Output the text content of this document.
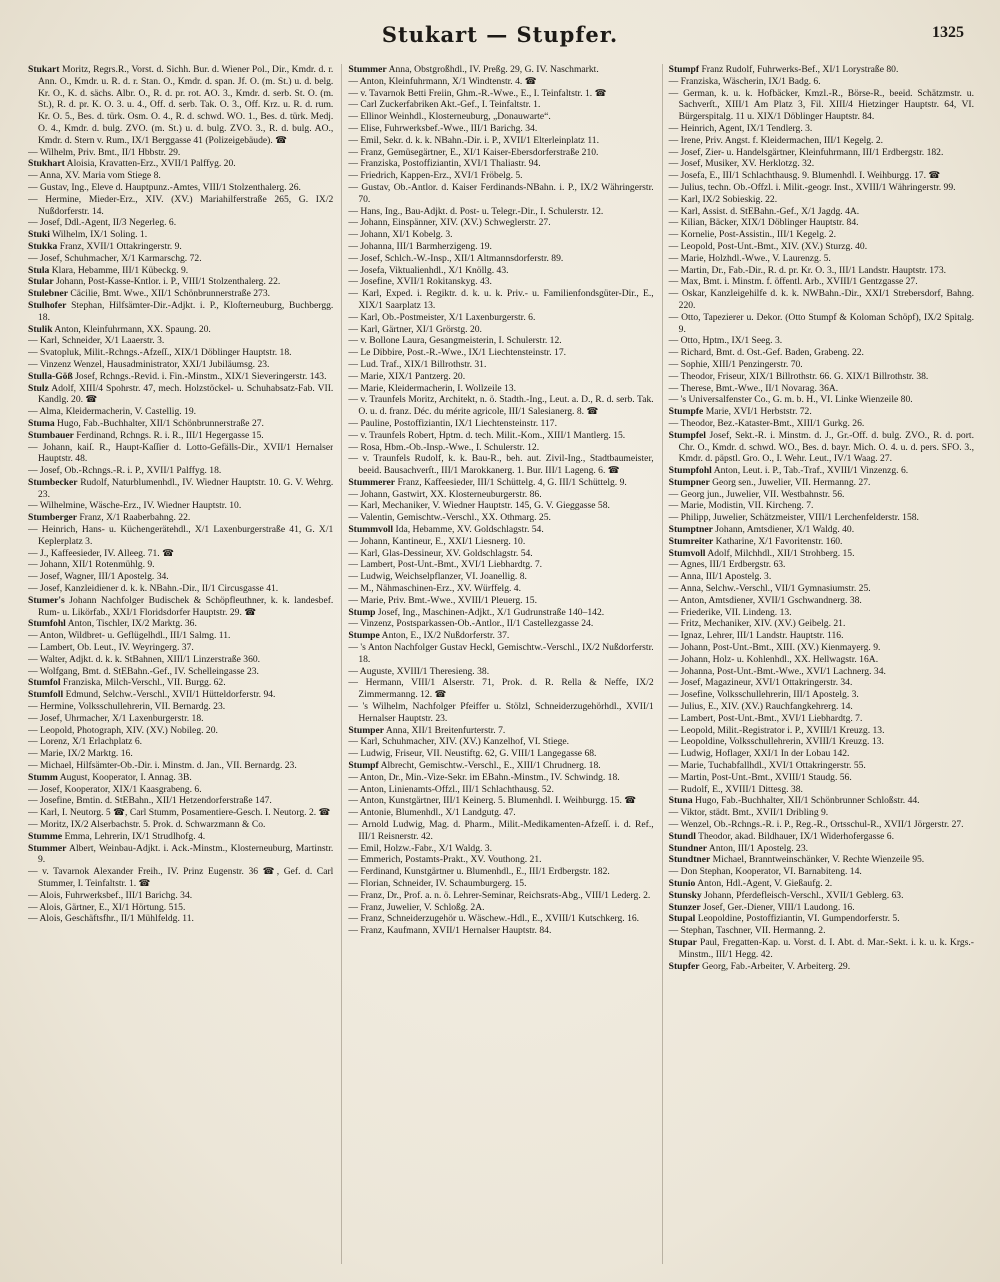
Stukart — Stupfer.	1325

Stukart Moritz, Regrs.R., Vorst. d. Sichh. Bur. d. Wiener Pol., Dir., Kmdr. d. r. Ann. O., Kmdr. u. R. d. r. Stan. O., Kmdr. d. span. Jf. O. (m. St.) u. d. belg. Kr. O., K. d. sächs. Albr. O., R. d. pr. rot. AO. 3., Kmdr. d. serb. St. O. (m. St.), R. d. pr. K. O. 3. u. 4., Off. d. serb. Tak. O. 3., Off. Krz. u. R. d. rum. Kr. O. 5., Bes. d. türk. Osm. O. 4., R. d. schwd. WO. 1., Bes. d. türk. Medj. O. 4., Kmdr. d. bulg. ZVO. (m. St.) u. d. bulg. ZVO. 3., R. d. bulg. AO., Kmdr. d. Stern v. Rum., IX/1 Berggasse 41 (Polizeigebäude). ☎

— Wilhelm, Priv. Bmt., II/1 Hbbstr. 29.

Stukhart Aloisia, Kravatten-Erz., XVII/1 Palffyg. 20.

— Anna, XV. Maria vom Stiege 8.

— Gustav, Ing., Eleve d. Hauptpunz.-Amtes, VIII/1 Stolzenthalerg. 26.

— Hermine, Mieder-Erz., XIV. (XV.) Mariahilferstraße 265, G. IX/2 Nußdorferstr. 14.

— Josef, Ddl.-Agent, II/3 Negerleg. 6.

Stuki Wilhelm, IX/1 Soling. 1.

Stukka Franz, XVII/1 Ottakringerstr. 9.

— Josef, Schuhmacher, X/1 Karmarschg. 72.

Stula Klara, Hebamme, III/1 Kübeckg. 9.

Stular Johann, Post-Kasse-Kntlor. i. P., VIII/1 Stolzenthalerg. 22.

Stulebner Cäcilie, Bmt. Wwe., XII/1 Schönbrunnerstraße 273.

Stulhofer Stephan, Hilfsämter-Dir.-Adjkt. i. P., Kloſterneuburg, Buchbergg. 18.

Stulik Anton, Kleinfuhrmann, XX. Spaung. 20.

— Karl, Schneider, X/1 Laaerstr. 3.

— Svatopluk, Milit.-Rchngs.-Afzeſſ., XIX/1 Döblinger Hauptstr. 18.

— Vinzenz Wenzel, Hausadministrator, XXI/1 Jubiläumsg. 23.

Stulla-Göß Josef, Rchngs.-Revid. i. Fin.-Minstm., XIX/1 Sieveringerstr. 143.

Stulz Adolf, XIII/4 Spohrstr. 47, mech. Holzstöckel- u. Schuhabsatz-Fab. VII. Kandlg. 20. ☎

— Alma, Kleidermacherin, V. Castellig. 19.

Stuma Hugo, Fab.-Buchhalter, XII/1 Schönbrunnerstraße 27.

Stumbauer Ferdinand, Rchngs. R. i. R., III/1 Hegergasse 15.

— Johann, kaiſ. R., Haupt-Kaſſier d. Lotto-Gefälls-Dir., XVII/1 Hernalser Hauptstr. 48.

— Josef, Ob.-Rchngs.-R. i. P., XVII/1 Palffyg. 18.

Stumbecker Rudolf, Naturblumenhdl., IV. Wiedner Hauptstr. 10. G. V. Wehrg. 23.

— Wilhelmine, Wäsche-Erz., IV. Wiedner Hauptstr. 10.

Stumberger Franz, X/1 Raaberbahng. 22.

— Heinrich, Hans- u. Küchengerätehdl., X/1 Laxenburgerstraße 41, G. X/1 Keplerplatz 3.

— J., Kaffeesieder, IV. Alleeg. 71. ☎

— Johann, XII/1 Rotenmühlg. 9.

— Josef, Wagner, III/1 Apostelg. 34.

— Josef, Kanzleidiener d. k. k. NBahn.-Dir., II/1 Circusgasse 41.

Stumer's Johann Nachfolger Budischek & Schöpfleuthner, k. k. landesbef. Rum- u. Likörfab., XXI/1 Floridsdorfer Hauptstr. 29. ☎

Stumfohl Anton, Tischler, IX/2 Marktg. 36.

— Anton, Wildbret- u. Geflügelhdl., III/1 Salmg. 11.

— Lambert, Ob. Leut., IV. Weyringerg. 37.

— Walter, Adjkt. d. k. k. StBahnen, XIII/1 Linzerstraße 360.

— Wolfgang, Bmt. d. StEBahn.-Gef., IV. Schelleingasse 23.

Stumfol Franziska, Milch-Verschl., VII. Burgg. 62.

Stumfoll Edmund, Selchw.-Verschl., XVII/1 Hütteldorferstr. 94.

— Hermine, Volksschullehrerin, VII. Bernardg. 23.

— Josef, Uhrmacher, X/1 Laxenburgerstr. 18.

— Leopold, Photograph, XIV. (XV.) Nobileg. 20.

— Lorenz, X/1 Erlachplatz 6.

— Marie, IX/2 Marktg. 16.

— Michael, Hilfsämter-Ob.-Dir. i. Minstm. d. Jan., VII. Bernardg. 23.

Stumm August, Kooperator, I. Annag. 3B.

— Josef, Kooperator, XIX/1 Kaasgrabeng. 6.

— Josefine, Bmtin. d. StEBahn., XII/1 Hetzendorferstraße 147.

— Karl, I. Neutorg. 5 ☎, Carl Stumm, Posamentiere-Gesch. I. Neutorg. 2. ☎

— Moritz, IX/2 Alserbachstr. 5. Prok. d. Schwarzmann & Co.

Stumme Emma, Lehrerin, IX/1 Strudlhofg. 4.

Stummer Albert, Weinbau-Adjkt. i. Ack.-Minstm., Klosterneuburg, Martinstr. 9.

— v. Tavarnok Alexander Freih., IV. Prinz Eugenstr. 36 ☎, Gef. d. Carl Stummer, I. Teinfaltstr. 1. ☎

— Alois, Fuhrwerksbef., III/1 Barichg. 34.

— Alois, Gärtner, E., XI/1 Hörtung. 515.

— Alois, Geschäftsfhr., II/1 Mühlfeldg. 11.

Stummer Anna, Obstgroßhdl., IV. Preßg. 29, G. IV. Naschmarkt.

— Anton, Kleinfuhrmann, X/1 Windtenstr. 4. ☎

— v. Tavarnok Betti Freiin, Ghm.-R.-Wwe., E., I. Teinfaltstr. 1. ☎

— Carl Zuckerfabriken Akt.-Gef., I. Teinfaltstr. 1.

— Ellinor Weinhdl., Klosterneuburg, „Donauwarte“.

— Elise, Fuhrwerksbef.-Wwe., III/1 Barichg. 34.

— Emil, Sekr. d. k. k. NBahn.-Dir. i. P., XVII/1 Elterleinplatz 11.

— Franz, Gemüsegärtner, E., XI/1 Kaiser-Ebersdorferstraße 210.

— Franziska, Postoffiziantin, XVI/1 Thaliastr. 94.

— Friedrich, Kappen-Erz., XVI/1 Fröbelg. 5.

— Gustav, Ob.-Antlor. d. Kaiser Ferdinands-NBahn. i. P., IX/2 Währingerstr. 70.

— Hans, Ing., Bau-Adjkt. d. Post- u. Telegr.-Dir., I. Schulerstr. 12.

— Johann, Einspänner, XIV. (XV.) Schweglerstr. 27.

— Johann, XI/1 Kobelg. 3.

— Johanna, III/1 Barmherzigeng. 19.

— Josef, Schlch.-W.-Insp., XII/1 Altmannsdorferstr. 89.

— Josefa, Viktualienhdl., X/1 Knöllg. 43.

— Josefine, XVII/1 Rokitanskyg. 43.

— Karl, Exped. i. Regiktr. d. k. u. k. Priv.- u. Familienfondsgüter-Dir., E., XIX/1 Saarplatz 13.

— Karl, Ob.-Postmeister, X/1 Laxenburgerstr. 6.

— Karl, Gärtner, XI/1 Grörstg. 20.

— v. Bollone Laura, Gesangmeisterin, I. Schulerstr. 12.

— Le Dibbire, Post.-R.-Wwe., IX/1 Liechtensteinstr. 17.

— Lud. Traf., XIX/1 Billrothstr. 31.

— Marie, XIX/1 Pantzerg. 20.

— Marie, Kleidermacherin, I. Wollzeile 13.

— v. Traunfels Moritz, Architekt, n. ö. Stadth.-Ing., Leut. a. D., R. d. serb. Tak. O. u. d. franz. Déc. du mérite agricole, III/1 Salesianerg. 8. ☎

— Pauline, Postoffiziantin, IX/1 Liechtensteinstr. 117.

— v. Traunfels Robert, Hptm. d. tech. Milit.-Kom., XIII/1 Mantlerg. 15.

— Rosa, Hbm.-Ob.-Insp.-Wwe., I. Schulerstr. 12.

— v. Traunfels Rudolf, k. k. Bau-R., beh. aut. Zivil-Ing., Stadtbaumeister, beeid. Bausachverſt., III/1 Marokkanerg. 1. Bur. III/1 Lageng. 6. ☎

Stummerer Franz, Kaffeesieder, III/1 Schüttelg. 4, G. III/1 Schüttelg. 9.

— Johann, Gastwirt, XX. Klosterneuburgerstr. 86.

— Karl, Mechaniker, V. Wiedner Hauptstr. 145, G. V. Gieggasse 58.

— Valentin, Gemischtw.-Verschl., XX. Othmarg. 25.

Stummvoll Ida, Hebamme, XV. Goldschlagstr. 54.

— Johann, Kantineur, E., XXI/1 Liesnerg. 10.

— Karl, Glas-Dessineur, XV. Goldschlagstr. 54.

— Lambert, Post-Unt.-Bmt., XVI/1 Liebhardtg. 7.

— Ludwig, Weichselpflanzer, VI. Joanellig. 8.

— M., Nähmaschinen-Erz., XV. Würffelg. 4.

— Marie, Priv. Bmt.-Wwe., XVIII/1 Pleuerg. 15.

Stump Josef, Ing., Maschinen-Adjkt., X/1 Gudrunstraße 140–142.

— Vinzenz, Postsparkassen-Ob.-Antlor., II/1 Castellezgasse 24.

Stumpe Anton, E., IX/2 Nußdorferstr. 37.

— 's Anton Nachfolger Gustav Heckl, Gemischtw.-Verschl., IX/2 Nußdorferstr. 18.

— Auguste, XVIII/1 Theresieng. 38.

— Hermann, VIII/1 Alserstr. 71, Prok. d. R. Rella & Neffe, IX/2 Zimmermanng. 12. ☎

— 's Wilhelm, Nachfolger Pfeiffer u. Stölzl, Schneiderzugehörhdl., XVII/1 Hernalser Hauptstr. 23.

Stumper Anna, XII/1 Breitenfurterstr. 7.

— Karl, Schuhmacher, XIV. (XV.) Kanzelhof, VI. Stiege.

— Ludwig, Friseur, VII. Neustiftg. 62, G. VIII/1 Langegasse 68.

Stumpf Albrecht, Gemischtw.-Verschl., E., XIII/1 Chrudnerg. 18.

— Anton, Dr., Min.-Vize-Sekr. im EBahn.-Minstm., IV. Schwindg. 18.

— Anton, Linienamts-Offzl., III/1 Schlachthausg. 52.

— Anton, Kunstgärtner, III/1 Keinerg. 5. Blumenhdl. I. Weihburgg. 15. ☎

— Antonie, Blumenhdl., X/1 Landgutg. 47.

— Arnold Ludwig, Mag. d. Pharm., Milit.-Medikamenten-Afzeſſ. i. d. Ref., III/1 Reisnerstr. 42.

— Emil, Holzw.-Fabr., X/1 Waldg. 3.

— Emmerich, Postamts-Prakt., XV. Vouthong. 21.

— Ferdinand, Kunstgärtner u. Blumenhdl., E., III/1 Erdbergstr. 182.

— Florian, Schneider, IV. Schaumburgerg. 15.

— Franz, Dr., Prof. a. n. ö. Lehrer-Seminar, Reichsrats-Abg., VIII/1 Lederg. 2.

— Franz, Juwelier, V. Schloßg. 2A.

— Franz, Schneiderzugehör u. Wäschew.-Hdl., E., XVIII/1 Kutschkerg. 16.

— Franz, Kaufmann, XVII/1 Hernalser Hauptstr. 84.

Stumpf Franz Rudolf, Fuhrwerks-Bef., XI/1 Lorystraße 80.

— Franziska, Wäscherin, IX/1 Badg. 6.

— German, k. u. k. Hofbäcker, Kmzl.-R., Börse-R., beeid. Schätzmstr. u. Sachverſt., XIII/1 Am Platz 3, Fil. XIII/4 Hietzinger Hauptstr. 64, VI. Bürgerspitalg. 11 u. XIX/1 Döblinger Hauptstr. 84.

— Heinrich, Agent, IX/1 Tendlerg. 3.

— Irene, Priv. Angst. f. Kleidermachen, III/1 Kegelg. 2.

— Josef, Zier- u. Handelsgärtner, Kleinfuhrmann, III/1 Erdbergstr. 182.

— Josef, Musiker, XV. Herklotzg. 32.

— Josefa, E., III/1 Schlachthausg. 9. Blumenhdl. I. Weihburgg. 17. ☎

— Julius, techn. Ob.-Offzl. i. Milit.-geogr. Inst., XVIII/1 Währingerstr. 99.

— Karl, IX/2 Sobieskig. 22.

— Karl, Assist. d. StEBahn.-Gef., X/1 Jagdg. 4A.

— Kilian, Bäcker, XIX/1 Döblinger Hauptstr. 84.

— Kornelie, Post-Assistin., III/1 Kegelg. 2.

— Leopold, Post-Unt.-Bmt., XIV. (XV.) Sturzg. 40.

— Marie, Holzhdl.-Wwe., V. Laurenzg. 5.

— Martin, Dr., Fab.-Dir., R. d. pr. Kr. O. 3., III/1 Landstr. Hauptstr. 173.

— Max, Bmt. i. Minstm. f. öffentl. Arb., XVIII/1 Gentzgasse 27.

— Oskar, Kanzleigehilfe d. k. k. NWBahn.-Dir., XXI/1 Strebersdorf, Bahng. 220.

— Otto, Tapezierer u. Dekor. (Otto Stumpf & Koloman Schöpf), IX/2 Spitalg. 9.

— Otto, Hptm., IX/1 Seeg. 3.

— Richard, Bmt. d. Ost.-Gef. Baden, Grabeng. 22.

— Sophie, XIII/1 Penzingerstr. 70.

— Theodor, Friseur, XIX/1 Billrothstr. 66. G. XIX/1 Billrothstr. 38.

— Therese, Bmt.-Wwe., II/1 Novarag. 36A.

— 's Universalfenster Co., G. m. b. H., VI. Linke Wienzeile 80.

Stumpfe Marie, XVI/1 Herbststr. 72.

— Theodor, Bez.-Kataster-Bmt., XIII/1 Gurkg. 26.

Stumpfel Josef, Sekt.-R. i. Minstm. d. J., Gr.-Off. d. bulg. ZVO., R. d. port. Chr. O., Kmdr. d. schwd. WO., Bes. d. bayr. Mich. O. 4. u. d. pers. SFO. 3., Kmdr. d. päpstl. Gro. O., I. Wehr. Leut., IV/1 Waag. 27.

Stumpfohl Anton, Leut. i. P., Tab.-Traf., XVIII/1 Vinzenzg. 6.

Stumpner Georg sen., Juwelier, VII. Hermanng. 27.

— Georg jun., Juwelier, VII. Westbahnstr. 56.

— Marie, Modistin, VII. Kircheng. 7.

— Philipp, Juwelier, Schätzmeister, VIII/1 Lerchenfelderstr. 158.

Stumptner Johann, Amtsdiener, X/1 Waldg. 40.

Stumreiter Katharine, X/1 Favoritenstr. 160.

Stumvoll Adolf, Milchhdl., XII/1 Strohberg. 15.

— Agnes, III/1 Erdbergstr. 63.

— Anna, III/1 Apostelg. 3.

— Anna, Selchw.-Verschl., VII/1 Gymnasiumstr. 25.

— Anton, Amtsdiener, XVII/1 Gschwandnerg. 38.

— Friederike, VII. Lindeng. 13.

— Fritz, Mechaniker, XIV. (XV.) Geibelg. 21.

— Ignaz, Lehrer, III/1 Landstr. Hauptstr. 116.

— Johann, Post-Unt.-Bmt., XIII. (XV.) Kienmayerg. 9.

— Johann, Holz- u. Kohlenhdl., XX. Hellwagstr. 16A.

— Johanna, Post-Unt.-Bmt.-Wwe., XVI/1 Lachnerg. 34.

— Josef, Magazineur, XVI/1 Ottakringerstr. 34.

— Josefine, Volksschullehrerin, III/1 Apostelg. 3.

— Julius, E., XIV. (XV.) Rauchfangkehrerg. 14.

— Lambert, Post-Unt.-Bmt., XVI/1 Liebhardtg. 7.

— Leopold, Milit.-Registrator i. P., XVIII/1 Kreuzg. 13.

— Leopoldine, Volksschullehrerin, XVIII/1 Kreuzg. 13.

— Ludwig, Hoflager, XXI/1 In der Lobau 142.

— Marie, Tuchabfallhdl., XVI/1 Ottakringerstr. 55.

— Martin, Post-Unt.-Bmt., XVIII/1 Staudg. 56.

— Rudolf, E., XVIII/1 Dittesg. 38.

Stuna Hugo, Fab.-Buchhalter, XII/1 Schönbrunner Schloßstr. 44.

— Viktor, städt. Bmt., XVII/1 Dribling 9.

— Wenzel, Ob.-Rchngs.-R. i. P., Reg.-R., Ortsschul-R., XVII/1 Jörgerstr. 27.

Stundl Theodor, akad. Bildhauer, IX/1 Widerhofergasse 6.

Stundner Anton, III/1 Apostelg. 23.

Stundtner Michael, Branntweinschänker, V. Rechte Wienzeile 95.

— Don Stephan, Kooperator, VI. Barnabiteng. 14.

Stunio Anton, Hdl.-Agent, V. Gießaufg. 2.

Stunsky Johann, Pferdefleisch-Verschl., XVII/1 Geblerg. 63.

Stunzer Josef, Ger.-Diener, VIII/1 Laudong. 16.

Stupal Leopoldine, Postoffiziantin, VI. Gumpendorferstr. 5.

— Stephan, Taschner, VII. Hermanng. 2.

Stupar Paul, Fregatten-Kap. u. Vorst. d. I. Abt. d. Mar.-Sekt. i. k. u. k. Krgs.-Minstm., III/1 Hegg. 42.

Stupfer Georg, Fab.-Arbeiter, V. Arbeiterg. 29.
